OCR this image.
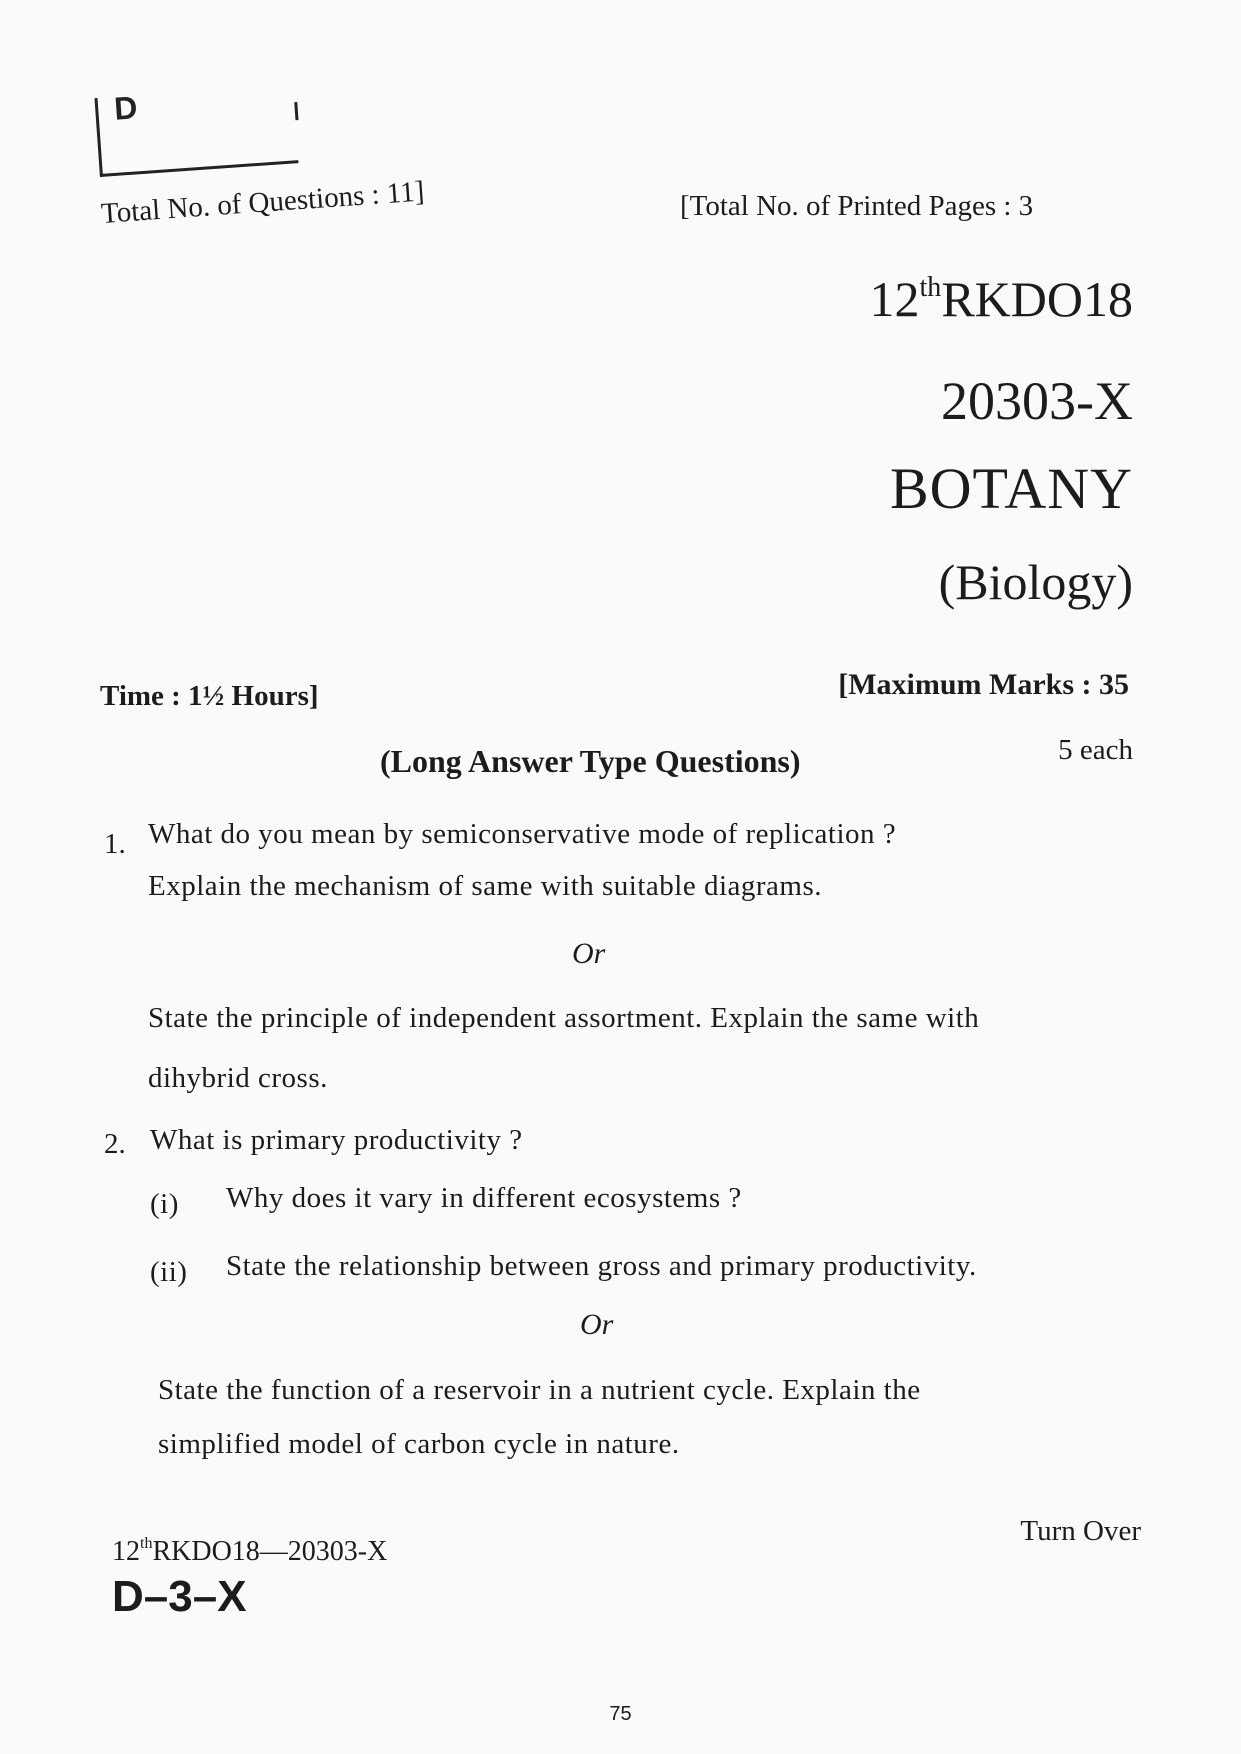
D
Total No. of Questions : 11]	[Total No. of Printed Pages : 3
12thRKDO18
20303-X
BOTANY
(Biology)
Time : 1½ Hours]	[Maximum Marks : 35
(Long Answer Type Questions)	5 each
1. What do you mean by semiconservative mode of replication ?
Explain the mechanism of same with suitable diagrams.
Or
State the principle of independent assortment. Explain the same with
dihybrid cross.
2. What is primary productivity ?
(i) Why does it vary in different ecosystems ?
(ii) State the relationship between gross and primary productivity.
Or
State the function of a reservoir in a nutrient cycle. Explain the
simplified model of carbon cycle in nature.
12thRKDO18—20303-X
D–3–X
Turn Over
75
